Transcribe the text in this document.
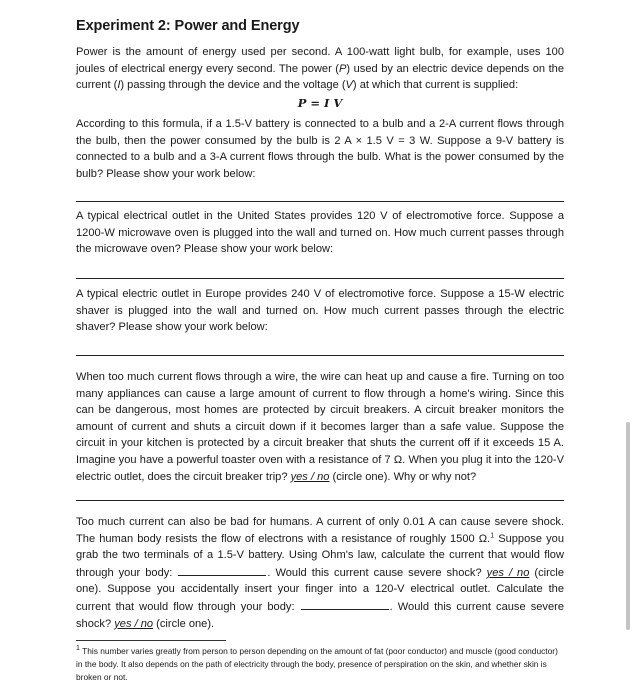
Experiment 2: Power and Energy

Power is the amount of energy used per second. A 100-watt light bulb, for example, uses 100 joules of electrical energy every second. The power (P) used by an electric device depends on the current (I) passing through the device and the voltage (V) at which that current is supplied:

P = I V

According to this formula, if a 1.5-V battery is connected to a bulb and a 2-A current flows through the bulb, then the power consumed by the bulb is 2 A × 1.5 V = 3 W. Suppose a 9-V battery is connected to a bulb and a 3-A current flows through the bulb. What is the power consumed by the bulb? Please show your work below:

A typical electrical outlet in the United States provides 120 V of electromotive force. Suppose a 1200-W microwave oven is plugged into the wall and turned on. How much current passes through the microwave oven? Please show your work below:

A typical electric outlet in Europe provides 240 V of electromotive force. Suppose a 15-W electric shaver is plugged into the wall and turned on. How much current passes through the electric shaver? Please show your work below:

When too much current flows through a wire, the wire can heat up and cause a fire. Turning on too many appliances can cause a large amount of current to flow through a home's wiring. Since this can be dangerous, most homes are protected by circuit breakers. A circuit breaker monitors the amount of current and shuts a circuit down if it becomes larger than a safe value. Suppose the circuit in your kitchen is protected by a circuit breaker that shuts the current off if it exceeds 15 A. Imagine you have a powerful toaster oven with a resistance of 7 Ω. When you plug it into the 120-V electric outlet, does the circuit breaker trip? yes / no (circle one). Why or why not?

Too much current can also be bad for humans. A current of only 0.01 A can cause severe shock. The human body resists the flow of electrons with a resistance of roughly 1500 Ω.$^1$ Suppose you grab the two terminals of a 1.5-V battery. Using Ohm's law, calculate the current that would flow through your body:	. Would this current cause severe shock? yes / no (circle one). Suppose you accidentally insert your finger into a 120-V electrical outlet. Calculate the current that would flow through your body:	. Would this current cause severe shock? yes / no (circle one).

$^1$ This number varies greatly from person to person depending on the amount of fat (poor conductor) and muscle (good conductor) in the body. It also depends on the path of electricity through the body, presence of perspiration on the skin, and whether skin is broken or not.
